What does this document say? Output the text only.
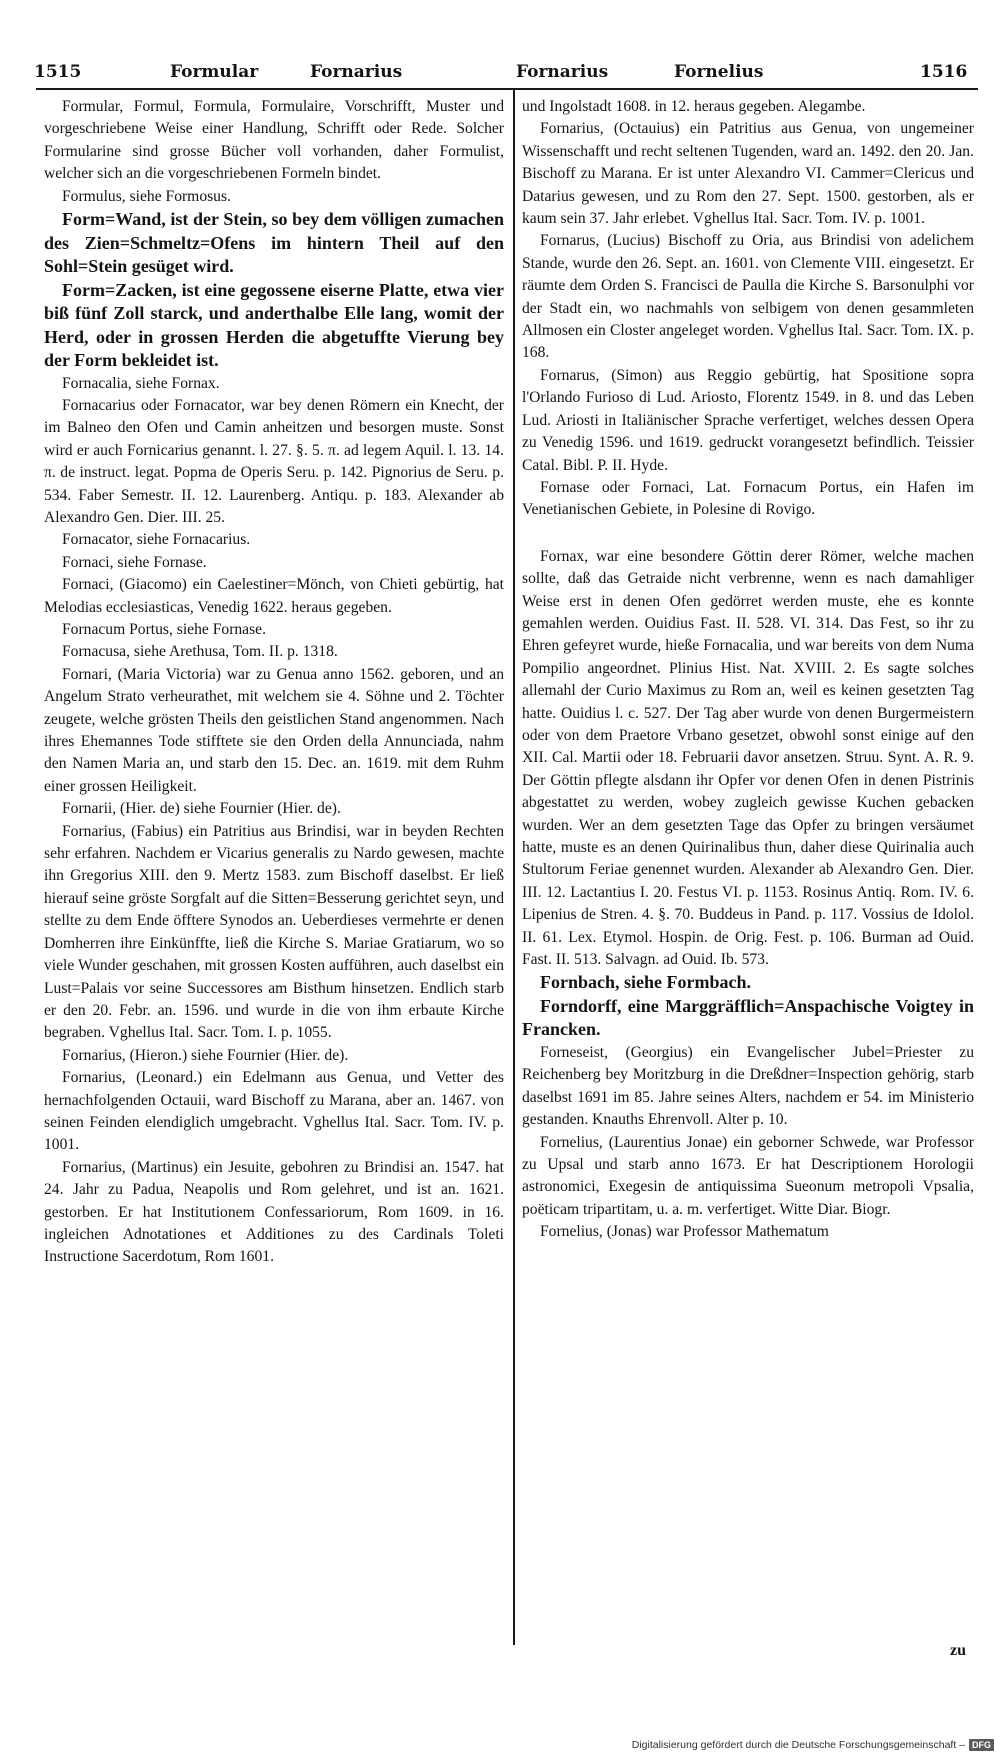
1515	Formular	Fornarius	Fornarius	Fornelius	1516

Formular, Formul, Formula, Formulaire, Vorschrifft, Muster und vorgeschriebene Weise einer Handlung, Schrifft oder Rede. Solcher Formularine sind grosse Bücher voll vorhanden, daher Formulist, welcher sich an die vorgeschriebenen Formeln bindet.

Formulus, siehe Formosus.

Form=Wand, ist der Stein, so bey dem völligen zumachen des Zien=Schmeltz=Ofens im hintern Theil auf den Sohl=Stein gesüget wird.

Form=Zacken, ist eine gegossene eiserne Platte, etwa vier biß fünf Zoll starck, und anderthalbe Elle lang, womit der Herd, oder in grossen Herden die abgetuffte Vierung bey der Form bekleidet ist.

Fornacalia, siehe Fornax.

Fornacarius oder Fornacator, war bey denen Römern ein Knecht, der im Balneo den Ofen und Camin anheitzen und besorgen muste. Sonst wird er auch Fornicarius genannt. l. 27. §. 5. π. ad legem Aquil. l. 13. 14. π. de instruct. legat. Popma de Operis Seru. p. 142. Pignorius de Seru. p. 534. Faber Semestr. II. 12. Laurenberg. Antiqu. p. 183. Alexander ab Alexandro Gen. Dier. III. 25.

Fornacator, siehe Fornacarius.

Fornaci, siehe Fornase.

Fornaci, (Giacomo) ein Caelestiner=Mönch, von Chieti gebürtig, hat Melodias ecclesiasticas, Venedig 1622. heraus gegeben.

Fornacum Portus, siehe Fornase.

Fornacusa, siehe Arethusa, Tom. II. p. 1318.

Fornari, (Maria Victoria) war zu Genua anno 1562. geboren, und an Angelum Strato verheurathet, mit welchem sie 4. Söhne und 2. Töchter zeugete, welche grösten Theils den geistlichen Stand angenommen. Nach ihres Ehemannes Tode stifftete sie den Orden della Annunciada, nahm den Namen Maria an, und starb den 15. Dec. an. 1619. mit dem Ruhm einer grossen Heiligkeit.

Fornarii, (Hier. de) siehe Fournier (Hier. de).

Fornarius, (Fabius) ein Patritius aus Brindisi, war in beyden Rechten sehr erfahren. Nachdem er Vicarius generalis zu Nardo gewesen, machte ihn Gregorius XIII. den 9. Mertz 1583. zum Bischoff daselbst. Er ließ hierauf seine gröste Sorgfalt auf die Sitten=Besserung gerichtet seyn, und stellte zu dem Ende öfftere Synodos an. Ueberdieses vermehrte er denen Domherren ihre Einkünffte, ließ die Kirche S. Mariae Gratiarum, wo so viele Wunder geschahen, mit grossen Kosten aufführen, auch daselbst ein Lust=Palais vor seine Successores am Bisthum hinsetzen. Endlich starb er den 20. Febr. an. 1596. und wurde in die von ihm erbaute Kirche begraben. Vghellus Ital. Sacr. Tom. I. p. 1055.

Fornarius, (Hieron.) siehe Fournier (Hier. de).

Fornarius, (Leonard.) ein Edelmann aus Genua, und Vetter des hernachfolgenden Octauii, ward Bischoff zu Marana, aber an. 1467. von seinen Feinden elendiglich umgebracht. Vghellus Ital. Sacr. Tom. IV. p. 1001.

Fornarius, (Martinus) ein Jesuite, gebohren zu Brindisi an. 1547. hat 24. Jahr zu Padua, Neapolis und Rom gelehret, und ist an. 1621. gestorben. Er hat Institutionem Confessariorum, Rom 1609. in 16. ingleichen Adnotationes et Additiones zu des Cardinals Toleti Instructione Sacerdotum, Rom 1601.

und Ingolstadt 1608. in 12. heraus gegeben. Alegambe.

Fornarius, (Octauius) ein Patritius aus Genua, von ungemeiner Wissenschafft und recht seltenen Tugenden, ward an. 1492. den 20. Jan. Bischoff zu Marana. Er ist unter Alexandro VI. Cammer=Clericus und Datarius gewesen, und zu Rom den 27. Sept. 1500. gestorben, als er kaum sein 37. Jahr erlebet. Vghellus Ital. Sacr. Tom. IV. p. 1001.

Fornarus, (Lucius) Bischoff zu Oria, aus Brindisi von adelichem Stande, wurde den 26. Sept. an. 1601. von Clemente VIII. eingesetzt. Er räumte dem Orden S. Francisci de Paulla die Kirche S. Barsonulphi vor der Stadt ein, wo nachmahls von selbigem von denen gesammleten Allmosen ein Closter angeleget worden. Vghellus Ital. Sacr. Tom. IX. p. 168.

Fornarus, (Simon) aus Reggio gebürtig, hat Spositione sopra l'Orlando Furioso di Lud. Ariosto, Florentz 1549. in 8. und das Leben Lud. Ariosti in Italiänischer Sprache verfertiget, welches dessen Opera zu Venedig 1596. und 1619. gedruckt vorangesetzt befindlich. Teissier Catal. Bibl. P. II. Hyde.

Fornase oder Fornaci, Lat. Fornacum Portus, ein Hafen im Venetianischen Gebiete, in Polesine di Rovigo.

Fornax, war eine besondere Göttin derer Römer, welche machen sollte, daß das Getraide nicht verbrenne, wenn es nach damahliger Weise erst in denen Ofen gedörret werden muste, ehe es konnte gemahlen werden. Ouidius Fast. II. 528. VI. 314. Das Fest, so ihr zu Ehren gefeyret wurde, hieße Fornacalia, und war bereits von dem Numa Pompilio angeordnet. Plinius Hist. Nat. XVIII. 2. Es sagte solches allemahl der Curio Maximus zu Rom an, weil es keinen gesetzten Tag hatte. Ouidius l. c. 527. Der Tag aber wurde von denen Burgermeistern oder von dem Praetore Vrbano gesetzet, obwohl sonst einige auf den XII. Cal. Martii oder 18. Februarii davor ansetzen. Struu. Synt. A. R. 9. Der Göttin pflegte alsdann ihr Opfer vor denen Ofen in denen Pistrinis abgestattet zu werden, wobey zugleich gewisse Kuchen gebacken wurden. Wer an dem gesetzten Tage das Opfer zu bringen versäumet hatte, muste es an denen Quirinalibus thun, daher diese Quirinalia auch Stultorum Feriae genennet wurden. Alexander ab Alexandro Gen. Dier. III. 12. Lactantius I. 20. Festus VI. p. 1153. Rosinus Antiq. Rom. IV. 6. Lipenius de Stren. 4. §. 70. Buddeus in Pand. p. 117. Vossius de Idolol. II. 61. Lex. Etymol. Hospin. de Orig. Fest. p. 106. Burman ad Ouid. Fast. II. 513. Salvagn. ad Ouid. Ib. 573.

Fornbach, siehe Formbach.

Forndorff, eine Marggräfflich=Anspachische Voigtey in Francken.

Forneseist, (Georgius) ein Evangelischer Jubel=Priester zu Reichenberg bey Moritzburg in die Dreßdner=Inspection gehörig, starb daselbst 1691 im 85. Jahre seines Alters, nachdem er 54. im Ministerio gestanden. Knauths Ehrenvoll. Alter p. 10.

Fornelius, (Laurentius Jonae) ein geborner Schwede, war Professor zu Upsal und starb anno 1673. Er hat Descriptionem Horologii astronomici, Exegesin de antiquissima Sueonum metropoli Vpsalia, poëticam tripartitam, u. a. m. verfertiget. Witte Diar. Biogr.

Fornelius, (Jonas) war Professor Mathematum

zu
Digitalisierung gefördert durch die Deutsche Forschungsgemeinschaft – DFG
